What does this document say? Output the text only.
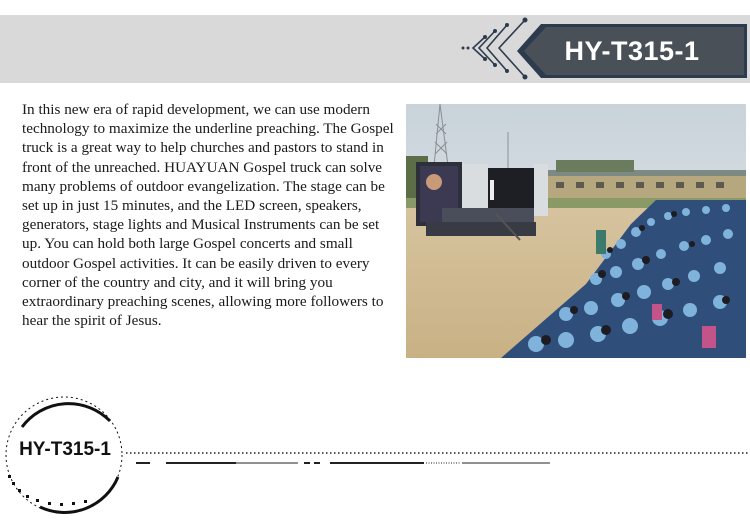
HY-T315-1

In this new era of rapid development, we can use modern technology to maximize the underline preaching. The Gospel truck is a great way to help churches and pastors to stand in front of the unreached. HUAYUAN Gospel truck can solve many problems of outdoor evangelization. The stage can be set up in just 15 minutes, and the LED screen, speakers, generators, stage lights and Musical Instruments can be set up. You can hold both large Gospel concerts and small outdoor Gospel activities. It can be easily driven to every corner of the country and city, and it will bring you extraordinary preaching scenes, allowing more followers to hear the spirit of Jesus.

HY-T315-1
